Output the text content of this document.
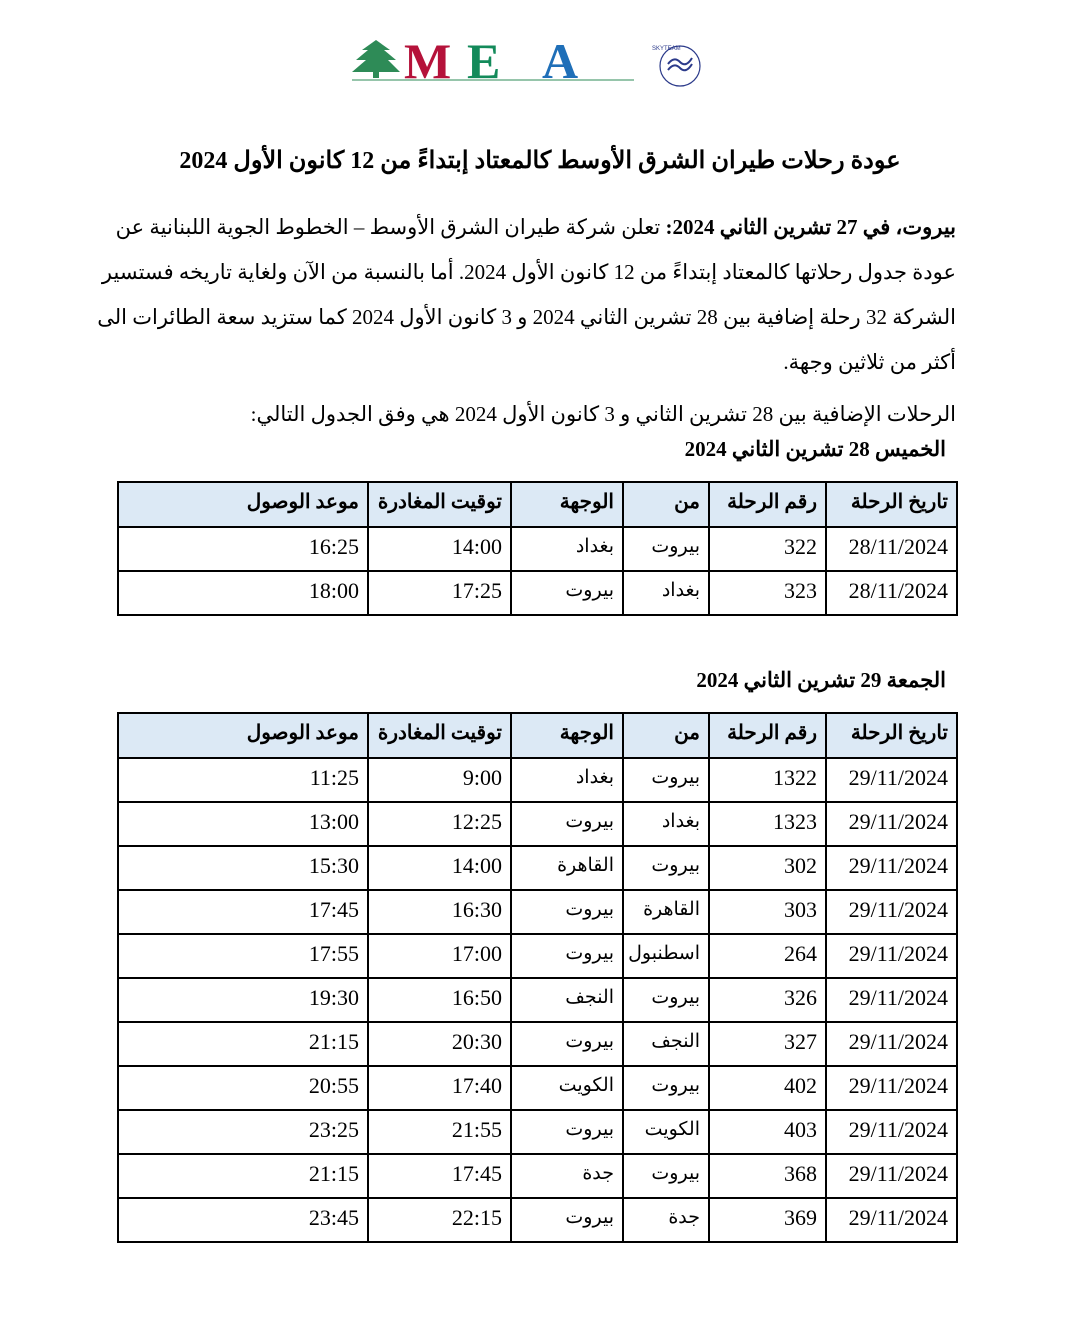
M E A	SKYTEAM
عودة رحلات طيران الشرق الأوسط كالمعتاد إبتداءً من 12 كانون الأول 2024
بيروت، في 27 تشرين الثاني 2024: تعلن شركة طيران الشرق الأوسط – الخطوط الجوية اللبنانية عن عودة جدول رحلاتها كالمعتاد إبتداءً من 12 كانون الأول 2024. أما بالنسبة من الآن ولغاية تاريخه فستسير الشركة 32 رحلة إضافية بين 28 تشرين الثاني 2024 و 3 كانون الأول 2024 كما ستزيد سعة الطائرات الى أكثر من ثلاثين وجهة.
الرحلات الإضافية بين 28 تشرين الثاني و 3 كانون الأول 2024 هي وفق الجدول التالي:
الخميس 28 تشرين الثاني 2024
تاريخ الرحلة	رقم الرحلة	من	الوجهة	توقيت المغادرة	موعد الوصول
28/11/2024	322	بيروت	بغداد	14:00	16:25
28/11/2024	323	بغداد	بيروت	17:25	18:00
الجمعة 29 تشرين الثاني 2024
تاريخ الرحلة	رقم الرحلة	من	الوجهة	توقيت المغادرة	موعد الوصول
29/11/2024	1322	بيروت	بغداد	9:00	11:25
29/11/2024	1323	بغداد	بيروت	12:25	13:00
29/11/2024	302	بيروت	القاهرة	14:00	15:30
29/11/2024	303	القاهرة	بيروت	16:30	17:45
29/11/2024	264	اسطنبول	بيروت	17:00	17:55
29/11/2024	326	بيروت	النجف	16:50	19:30
29/11/2024	327	النجف	بيروت	20:30	21:15
29/11/2024	402	بيروت	الكويت	17:40	20:55
29/11/2024	403	الكويت	بيروت	21:55	23:25
29/11/2024	368	بيروت	جدة	17:45	21:15
29/11/2024	369	جدة	بيروت	22:15	23:45
